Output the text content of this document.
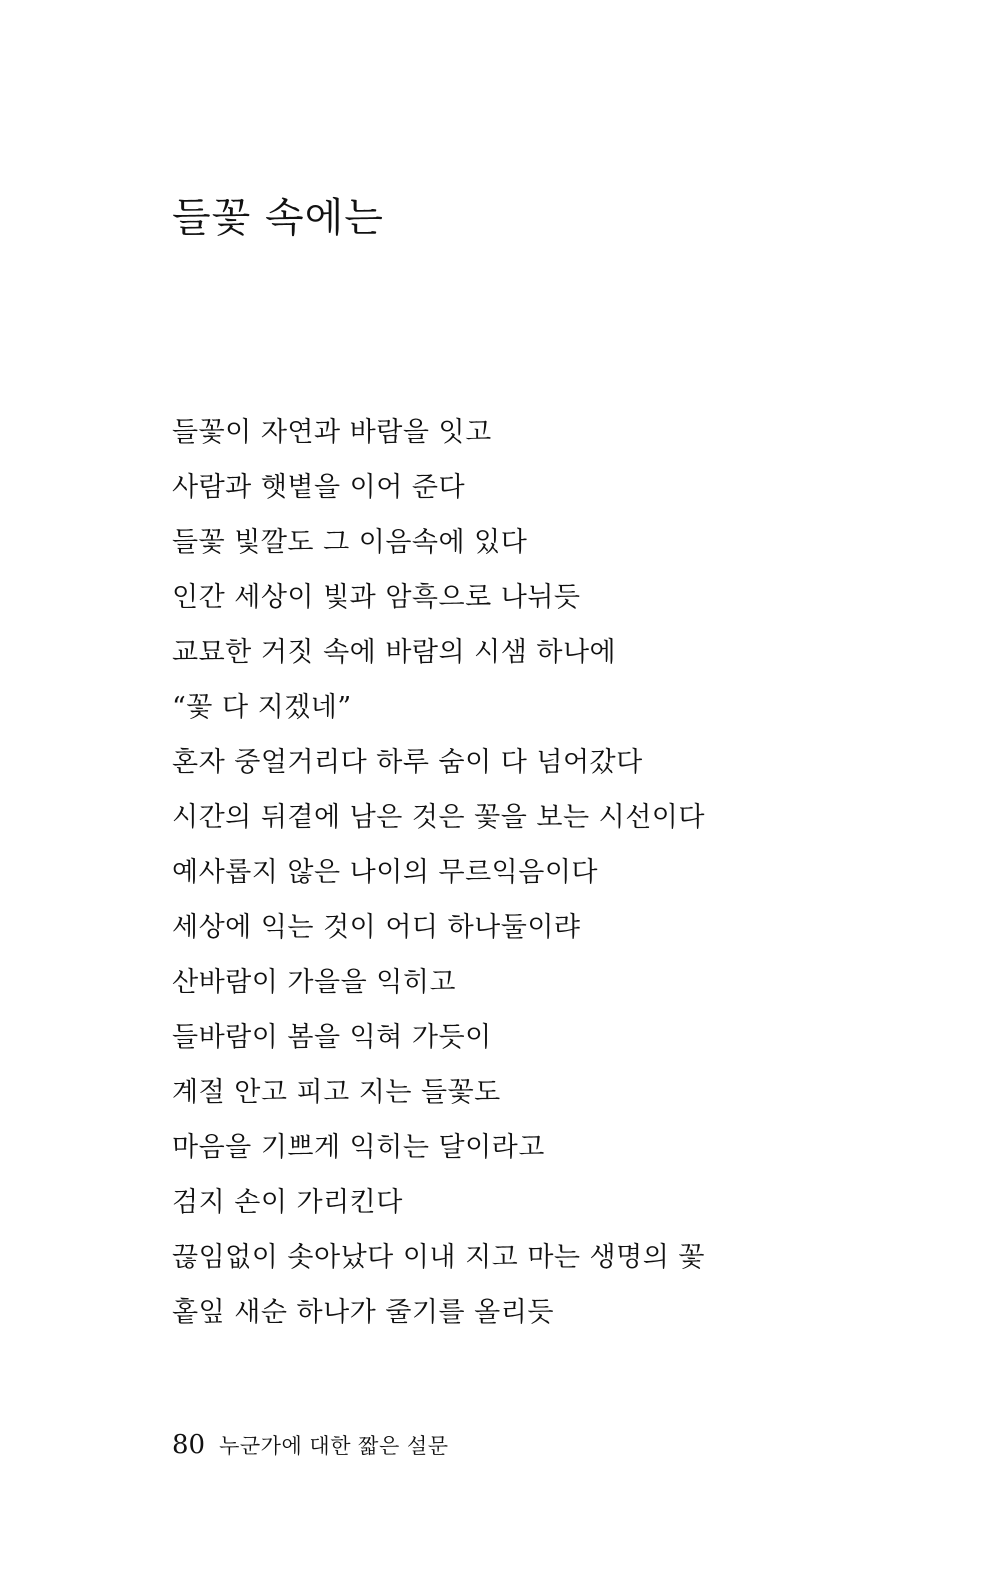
들꽃 속에는
들꽃이 자연과 바람을 잇고
사람과 햇볕을 이어 준다
들꽃 빛깔도 그 이음속에 있다
인간 세상이 빛과 암흑으로 나뉘듯
교묘한 거짓 속에 바람의 시샘 하나에
“꽃 다 지겠네”
혼자 중얼거리다 하루 숨이 다 넘어갔다
시간의 뒤곁에 남은 것은 꽃을 보는 시선이다
예사롭지 않은 나이의 무르익음이다
세상에 익는 것이 어디 하나둘이랴
산바람이 가을을 익히고
들바람이 봄을 익혀 가듯이
계절 안고 피고 지는 들꽃도
마음을 기쁘게 익히는 달이라고
검지 손이 가리킨다
끊임없이 솟아났다 이내 지고 마는 생명의 꽃
홑잎 새순 하나가 줄기를 올리듯
80 누군가에 대한 짧은 설문
